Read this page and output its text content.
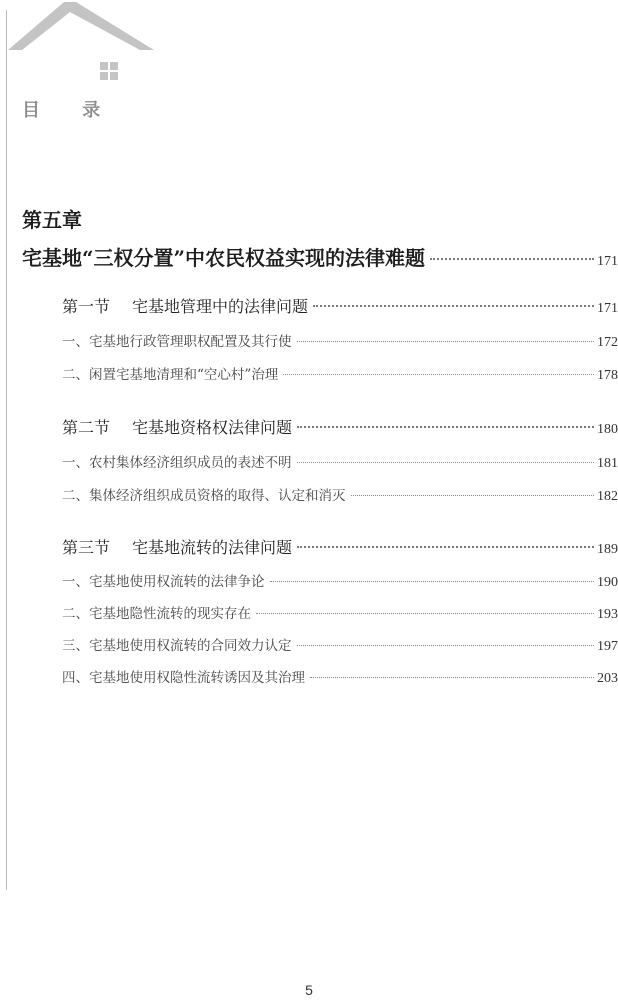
目 录
第五章
宅基地“三权分置”中农民权益实现的法律难题	171
第一节 宅基地管理中的法律问题	171
一、宅基地行政管理职权配置及其行使	172
二、闲置宅基地清理和“空心村”治理	178
第二节 宅基地资格权法律问题	180
一、农村集体经济组织成员的表述不明	181
二、集体经济组织成员资格的取得、认定和消灭	182
第三节 宅基地流转的法律问题	189
一、宅基地使用权流转的法律争论	190
二、宅基地隐性流转的现实存在	193
三、宅基地使用权流转的合同效力认定	197
四、宅基地使用权隐性流转诱因及其治理	203
5
